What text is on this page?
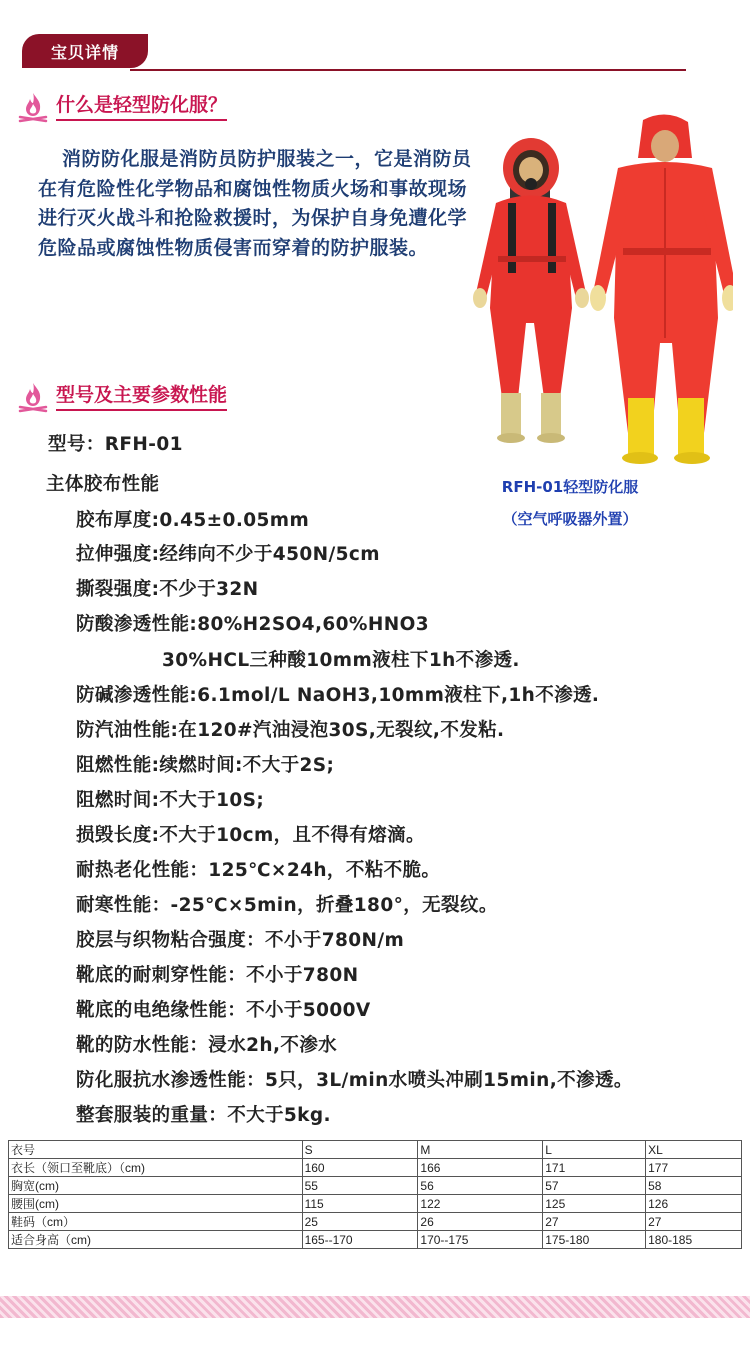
宝贝详情
什么是轻型防化服？

消防防化服是消防员防护服装之一，它是消防员在有危险性化学物品和腐蚀性物质火场和事故现场进行灭火战斗和抢险救援时，为保护自身免遭化学危险品或腐蚀性物质侵害而穿着的防护服装。

RFH-01轻型防化服
（空气呼吸器外置）
型号及主要参数性能
型号：RFH-01
主体胶布性能
胶布厚度:0.45±0.05mm
拉伸强度:经纬向不少于450N/5cm
撕裂强度:不少于32N
防酸渗透性能:80%H2SO4,60%HNO3
30%HCL三种酸10mm液柱下1h不渗透.
防碱渗透性能:6.1mol/L NaOH3,10mm液柱下,1h不渗透.
防汽油性能:在120#汽油浸泡30S,无裂纹,不发粘.
阻燃性能:续燃时间:不大于2S;
阻燃时间:不大于10S;
损毁长度:不大于10cm，且不得有熔滴。
耐热老化性能：125℃×24h，不粘不脆。
耐寒性能：-25℃×5min，折叠180°，无裂纹。
胶层与织物粘合强度：不小于780N/m
靴底的耐刺穿性能：不小于780N
靴底的电绝缘性能：不小于5000V
靴的防水性能：浸水2h,不渗水
防化服抗水渗透性能：5只，3L/min水喷头冲刷15min,不渗透。
整套服装的重量：不大于5kg.
衣号	S	M	L	XL
衣长（领口至靴底）（cm)	160	166	171	177
胸宽(cm)	55	56	57	58
腰围(cm)	115	122	125	126
鞋码（cm）	25	26	27	27
适合身高（cm)	165--170	170--175	175-180	180-185
